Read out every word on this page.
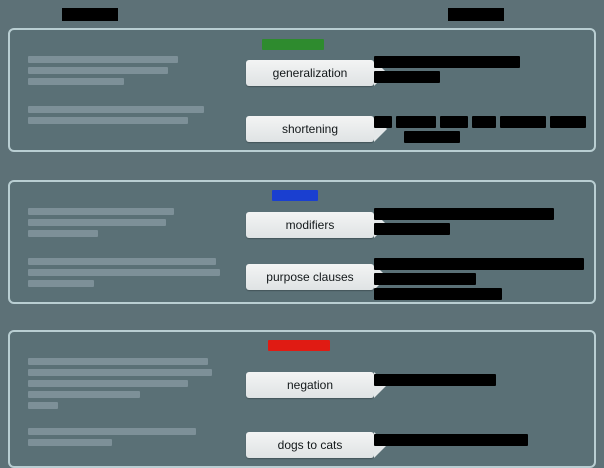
generalization
shortening
modifiers
purpose clauses
negation
dogs to cats
